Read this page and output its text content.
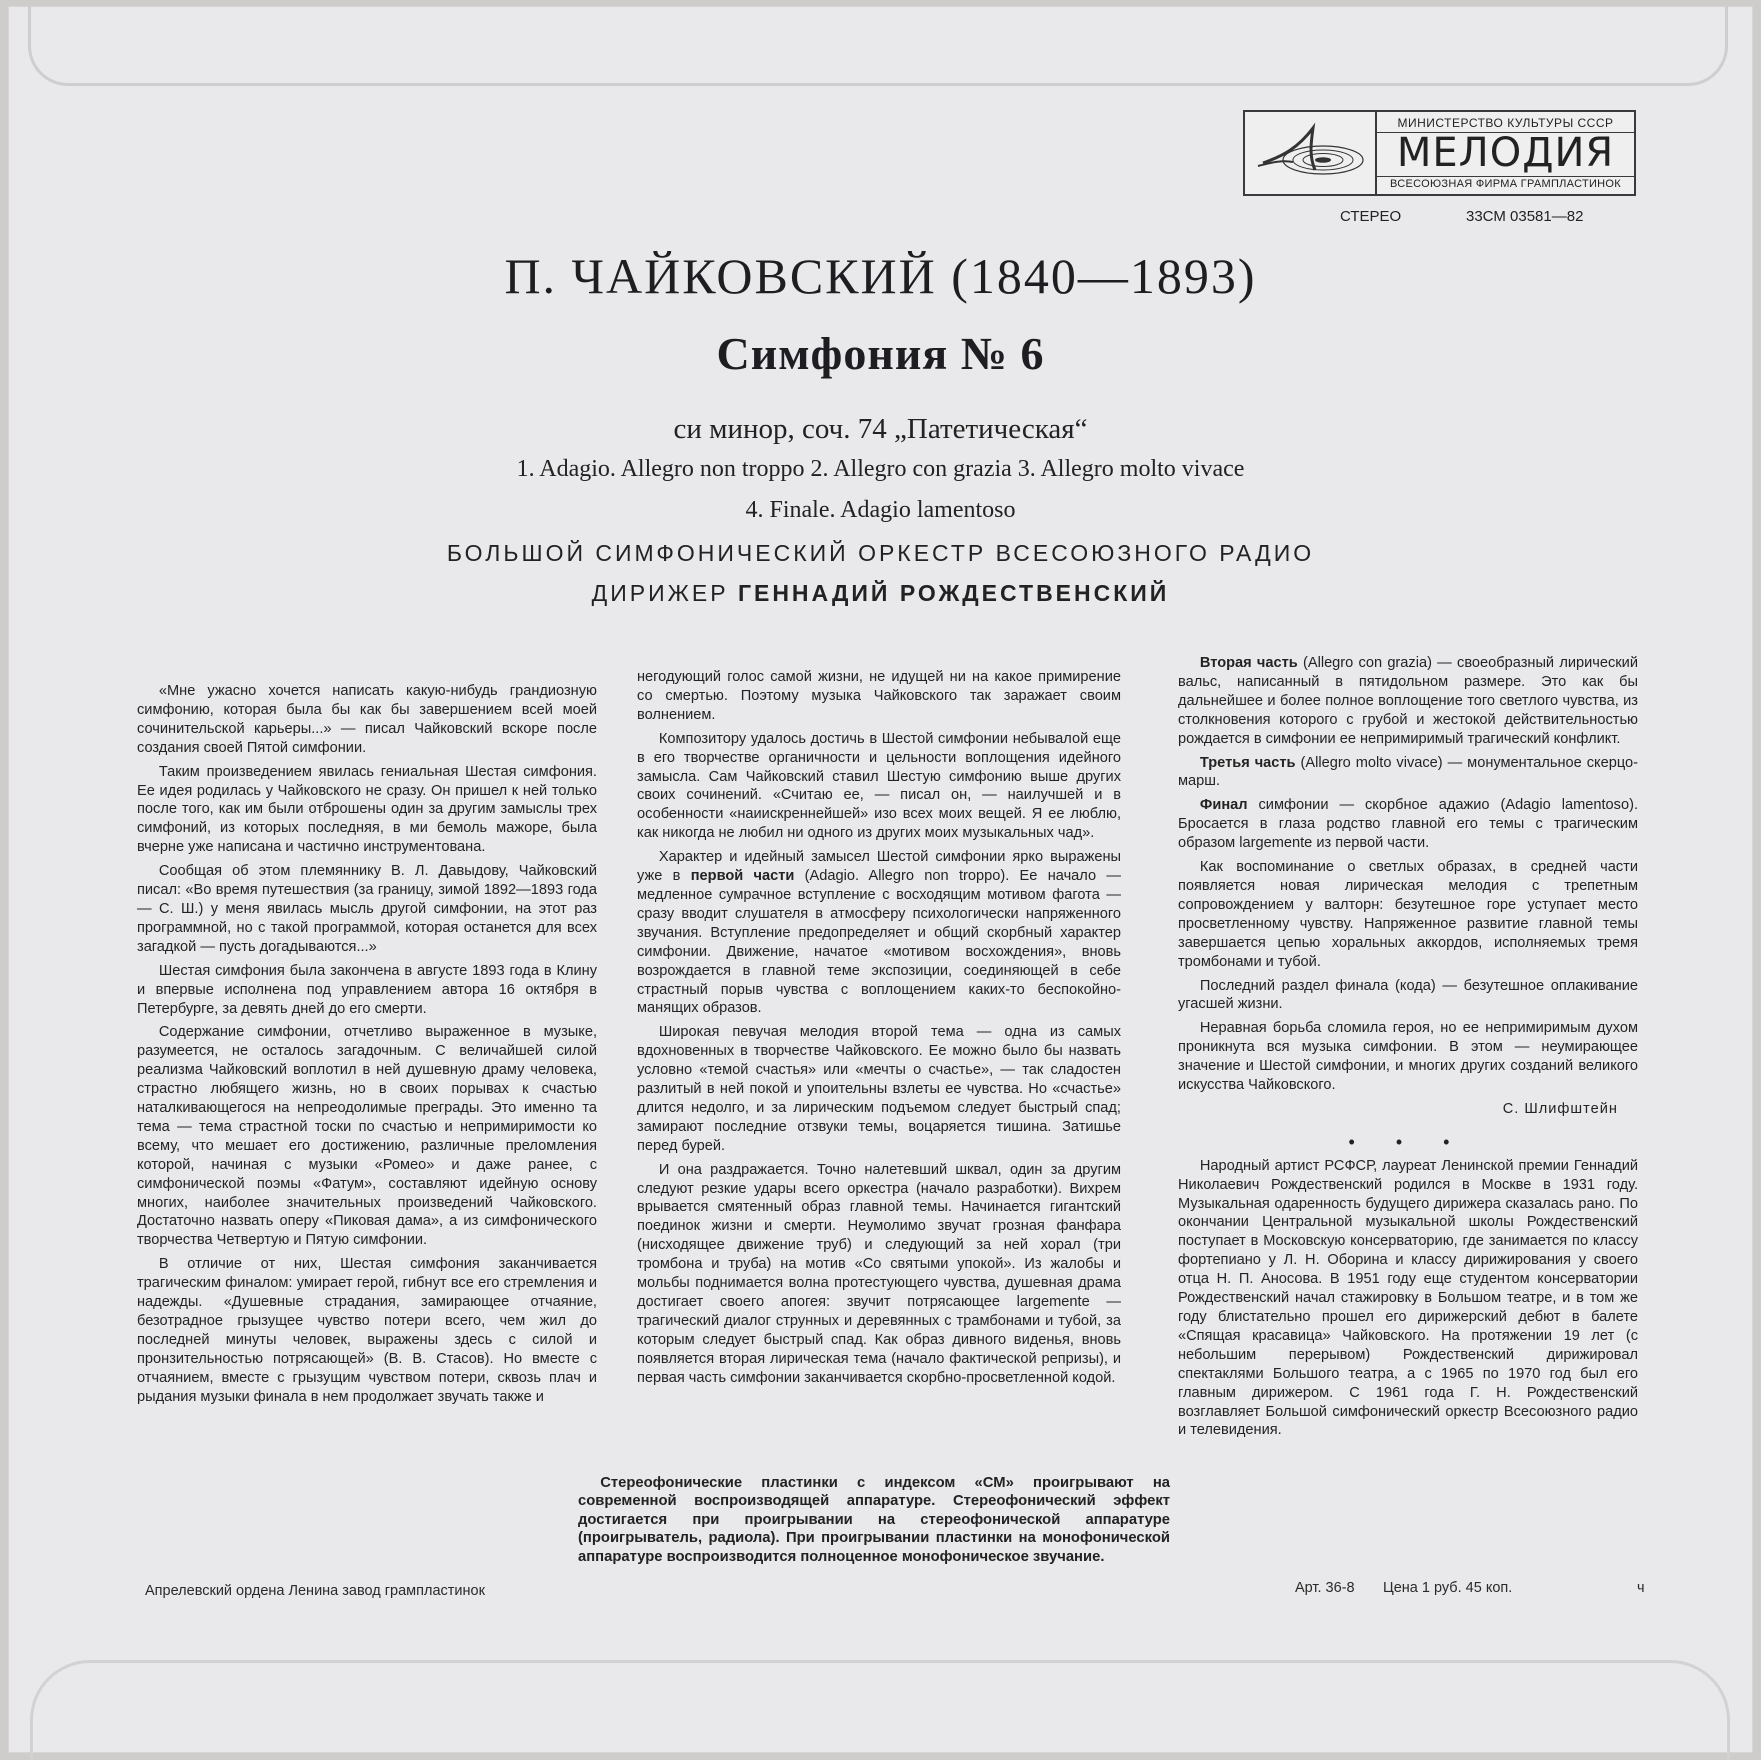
МИНИСТЕРСТВО КУЛЬТУРЫ СССР
МЕЛОДИЯ
ВСЕСОЮЗНАЯ ФИРМА ГРАМПЛАСТИНОК
СТЕРЕО	33СМ 03581—82
П. ЧАЙКОВСКИЙ (1840—1893)
Симфония № 6
си минор, соч. 74 „Патетическая“
1. Adagio. Allegro non troppo 2. Allegro con grazia 3. Allegro molto vivace
4. Finale. Adagio lamentoso
БОЛЬШОЙ СИМФОНИЧЕСКИЙ ОРКЕСТР ВСЕСОЮЗНОГО РАДИО
ДИРИЖЕР ГЕННАДИЙ РОЖДЕСТВЕНСКИЙ

«Мне ужасно хочется написать какую-нибудь грандиозную симфонию, которая была бы как бы завершением всей моей сочинительской карьеры...» — писал Чайковский вскоре после создания своей Пятой симфонии.

Таким произведением явилась гениальная Шестая симфония. Ее идея родилась у Чайковского не сразу. Он пришел к ней только после того, как им были отброшены один за другим замыслы трех симфоний, из которых последняя, в ми бемоль мажоре, была вчерне уже написана и частично инструментована.

Сообщая об этом племяннику В. Л. Давыдову, Чайковский писал: «Во время путешествия (за границу, зимой 1892—1893 года — С. Ш.) у меня явилась мысль другой симфонии, на этот раз программной, но с такой программой, которая останется для всех загадкой — пусть догадываются...»

Шестая симфония была закончена в августе 1893 года в Клину и впервые исполнена под управлением автора 16 октября в Петербурге, за девять дней до его смерти.

Содержание симфонии, отчетливо выраженное в музыке, разумеется, не осталось загадочным. С величайшей силой реализма Чайковский воплотил в ней душевную драму человека, страстно любящего жизнь, но в своих порывах к счастью наталкивающегося на непреодолимые преграды. Это именно та тема — тема страстной тоски по счастью и непримиримости ко всему, что мешает его достижению, различные преломления которой, начиная с музыки «Ромео» и даже ранее, с симфонической поэмы «Фатум», составляют идейную основу многих, наиболее значительных произведений Чайковского. Достаточно назвать оперу «Пиковая дама», а из симфонического творчества Четвертую и Пятую симфонии.

В отличие от них, Шестая симфония заканчивается трагическим финалом: умирает герой, гибнут все его стремления и надежды. «Душевные страдания, замирающее отчаяние, безотрадное грызущее чувство потери всего, чем жил до последней минуты человек, выражены здесь с силой и пронзительностью потрясающей» (В. В. Стасов). Но вместе с отчаянием, вместе с грызущим чувством потери, сквозь плач и рыдания музыки финала в нем продолжает звучать также и

негодующий голос самой жизни, не идущей ни на какое примирение со смертью. Поэтому музыка Чайковского так заражает своим волнением.

Композитору удалось достичь в Шестой симфонии небывалой еще в его творчестве органичности и цельности воплощения идейного замысла. Сам Чайковский ставил Шестую симфонию выше других своих сочинений. «Считаю ее, — писал он, — наилучшей и в особенности «наиискреннейшей» изо всех моих вещей. Я ее люблю, как никогда не любил ни одного из других моих музыкальных чад».

Характер и идейный замысел Шестой симфонии ярко выражены уже в первой части (Adagio. Allegro non troppo). Ее начало — медленное сумрачное вступление с восходящим мотивом фагота — сразу вводит слушателя в атмосферу психологически напряженного звучания. Вступление предопределяет и общий скорбный характер симфонии. Движение, начатое «мотивом восхождения», вновь возрождается в главной теме экспозиции, соединяющей в себе страстный порыв чувства с воплощением каких-то беспокойно-манящих образов.

Широкая певучая мелодия второй тема — одна из самых вдохновенных в творчестве Чайковского. Ее можно было бы назвать условно «темой счастья» или «мечты о счастье», — так сладостен разлитый в ней покой и упоительны взлеты ее чувства. Но «счастье» длится недолго, и за лирическим подъемом следует быстрый спад; замирают последние отзвуки темы, воцаряется тишина. Затишье перед бурей.

И она раздражается. Точно налетевший шквал, один за другим следуют резкие удары всего оркестра (начало разработки). Вихрем врывается смятенный образ главной темы. Начинается гигантский поединок жизни и смерти. Неумолимо звучат грозная фанфара (нисходящее движение труб) и следующий за ней хорал (три тромбона и труба) на мотив «Со святыми упокой». Из жалобы и мольбы поднимается волна протестующего чувства, душевная драма достигает своего апогея: звучит потрясающее largemente — трагический диалог струнных и деревянных с трамбонами и тубой, за которым следует быстрый спад. Как образ дивного виденья, вновь появляется вторая лирическая тема (начало фактической репризы), и первая часть симфонии заканчивается скорбно-просветленной кодой.

Вторая часть (Allegro con grazia) — своеобразный лирический вальс, написанный в пятидольном размере. Это как бы дальнейшее и более полное воплощение того светлого чувства, из столкновения которого с грубой и жестокой действительностью рождается в симфонии ее непримиримый трагический конфликт.

Третья часть (Allegro molto vivace) — монументальное скерцо-марш.

Финал симфонии — скорбное адажио (Adagio lamentoso). Бросается в глаза родство главной его темы с трагическим образом largemente из первой части.

Как воспоминание о светлых образах, в средней части появляется новая лирическая мелодия с трепетным сопровождением у валторн: безутешное горе уступает место просветленному чувству. Напряженное развитие главной темы завершается цепью хоральных аккордов, исполняемых тремя тромбонами и тубой.

Последний раздел финала (кода) — безутешное оплакивание угасшей жизни.

Неравная борьба сломила героя, но ее непримиримым духом проникнута вся музыка симфонии. В этом — неумирающее значение и Шестой симфонии, и многих других созданий великого искусства Чайковского.

С. Шлифштейн

• • •

Народный артист РСФСР, лауреат Ленинской премии Геннадий Николаевич Рождественский родился в Москве в 1931 году. Музыкальная одаренность будущего дирижера сказалась рано. По окончании Центральной музыкальной школы Рождественский поступает в Московскую консерваторию, где занимается по классу фортепиано у Л. Н. Оборина и классу дирижирования у своего отца Н. П. Аносова. В 1951 году еще студентом консерватории Рождественский начал стажировку в Большом театре, и в том же году блистательно прошел его дирижерский дебют в балете «Спящая красавица» Чайковского. На протяжении 19 лет (с небольшим перерывом) Рождественский дирижировал спектаклями Большого театра, а с 1965 по 1970 год был его главным дирижером. С 1961 года Г. Н. Рождественский возглавляет Большой симфонический оркестр Всесоюзного радио и телевидения.

Стереофонические пластинки с индексом «СМ» проигрывают на современной воспроизводящей аппаратуре. Стереофонический эффект достигается при проигрывании на стереофонической аппаратуре (проигрыватель, радиола). При проигрывании пластинки на монофонической аппаратуре воспроизводится полноценное монофоническое звучание.
Апрелевский ордена Ленина завод грампластинок	Арт. 36-8 Цена 1 руб. 45 коп.	ч
